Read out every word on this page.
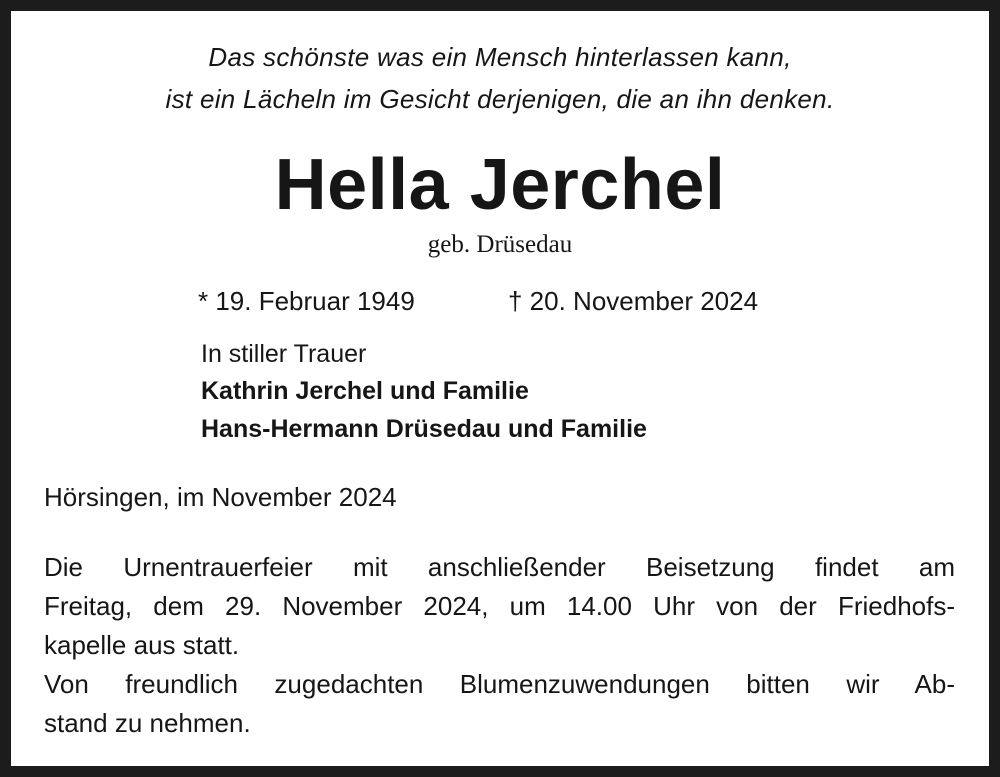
Das schönste was ein Mensch hinterlassen kann,
ist ein Lächeln im Gesicht derjenigen, die an ihn denken.
Hella Jerchel
geb. Drüsedau
* 19. Februar 1949	† 20. November 2024
In stiller Trauer
Kathrin Jerchel und Familie
Hans-Hermann Drüsedau und Familie
Hörsingen, im November 2024
Die Urnentrauerfeier mit anschließender Beisetzung findet am
Freitag, dem 29. November 2024, um 14.00 Uhr von der Friedhofs-
kapelle aus statt.
Von freundlich zugedachten Blumenzuwendungen bitten wir Ab-
stand zu nehmen.
